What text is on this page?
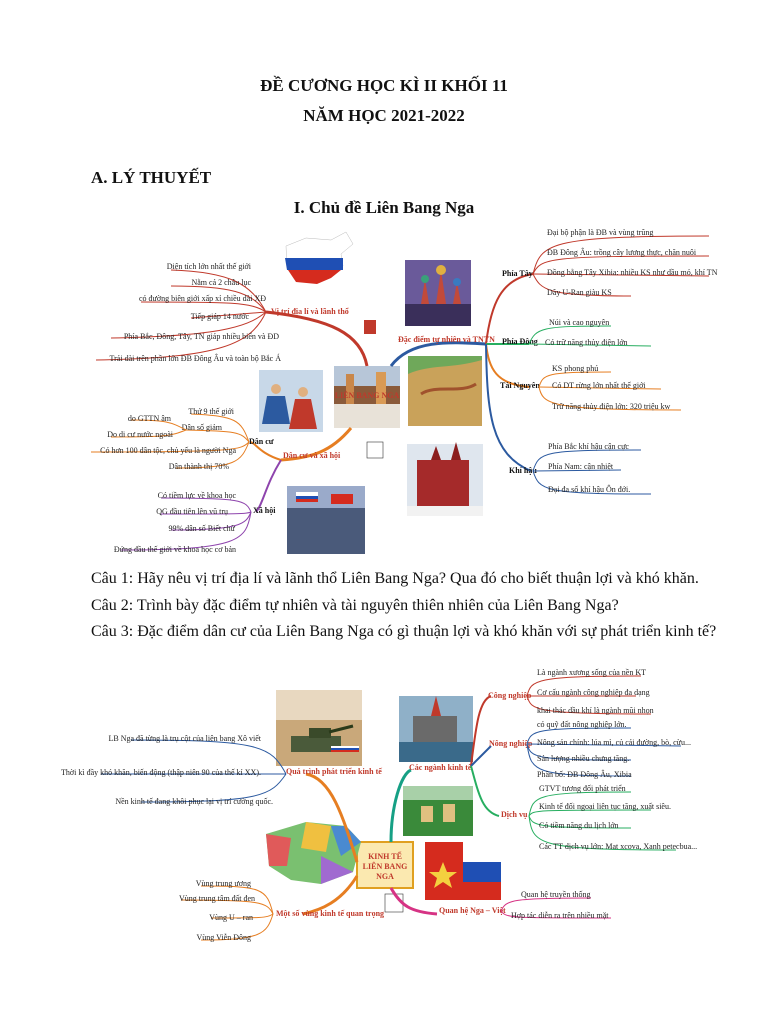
ĐỀ CƯƠNG HỌC KÌ II KHỐI 11
NĂM HỌC 2021-2022
A. LÝ THUYẾT
I. Chủ đề Liên Bang Nga
LIÊN BANG NGA
Vị trí địa lí và lãnh thổ
Đặc điểm tự nhiên và TNTN
Dân cư và xã hội
Diện tích lớn nhất thế giới
Nằm cả 2 châu lục
có đường biên giới xấp xỉ chiều dài XĐ
Tiếp giáp 14 nước
Phía Bắc, Đông, Tây, TN giáp nhiều biển và ĐD
Trải dài trên phần lớn ĐB Đông Âu và toàn bộ Bắc Á
Phía Tây
Đại bộ phận là ĐB và vùng trũng
ĐB Đông Âu: trồng cây lương thực, chăn nuôi
Đồng bằng Tây Xibia: nhiều KS như dầu mỏ, khí TN
Dãy U-Ran giàu KS
Phía Đông
Núi và cao nguyên
Có trữ năng thủy điện lớn
Tài Nguyên
KS phong phú
Có DT rừng lớn nhất thế giới
Trữ năng thủy điện lớn: 320 triệu kw
Khí hậu
Phía Bắc khí hậu cận cực
Phía Nam: cận nhiệt
Đại đa số khí hậu Ôn đới.
Dân cư
Thứ 9 thế giới
Dân số giảm
Có hơn 100 dân tộc, chủ yếu là người Nga
Dân thành thị 70%
do GTTN âm
Do di cư nước ngoài
Xã hội
Có tiềm lực về khoa học
QG đầu tiên lên vũ trụ
99% dân số Biết chữ
Đứng đầu thế giới về khoa học cơ bản
Câu 1: Hãy nêu vị trí địa lí và lãnh thổ Liên Bang Nga? Qua đó cho biết thuận lợi và khó khăn.
Câu 2: Trình bày đặc điểm tự nhiên và tài nguyên thiên nhiên của Liên Bang Nga?
Câu 3: Đặc điểm dân cư của Liên Bang Nga có gì thuận lợi và khó khăn với sự phát triển kinh tế?
KINH TẾ
LIÊN BANG
NGA
Quá trình phát triển kinh tế
LB Nga đã từng là trụ cột của liên bang Xô viết
Thời kì đầy khó khăn, biến động (thập niên 90 của thế kỉ XX).
Nền kinh tế đang khôi phục lại vị trí cường quốc.
Các ngành kinh tế
Công nghiệp
Là ngành xương sống của nền KT
Cơ cấu ngành công nghiệp đa dạng
khai thác dầu khí là ngành mũi nhọn
Nông nghiệp
có quỹ đất nông nghiệp lớn.
Nông sản chính: lúa mì, củ cải đường, bò, cừu...
Sản lượng nhiều chưng tăng.
Phân bố: ĐB Đông Âu, Xibia
Dịch vụ
GTVT tương đối phát triển
Kinh tế đối ngoại liên tục tăng, xuất siêu.
Có tiềm năng du lịch lớn
Các TT dịch vụ lớn: Mat xcova, Xanh petecbua...
Quan hệ Nga – Việt
Quan hệ truyền thống
Hợp tác diễn ra trên nhiều mặt
Một số vùng kinh tế quan trọng
Vùng trung ương
Vùng trung tâm đất đen
Vùng U – ran
Vùng Viễn Đông
